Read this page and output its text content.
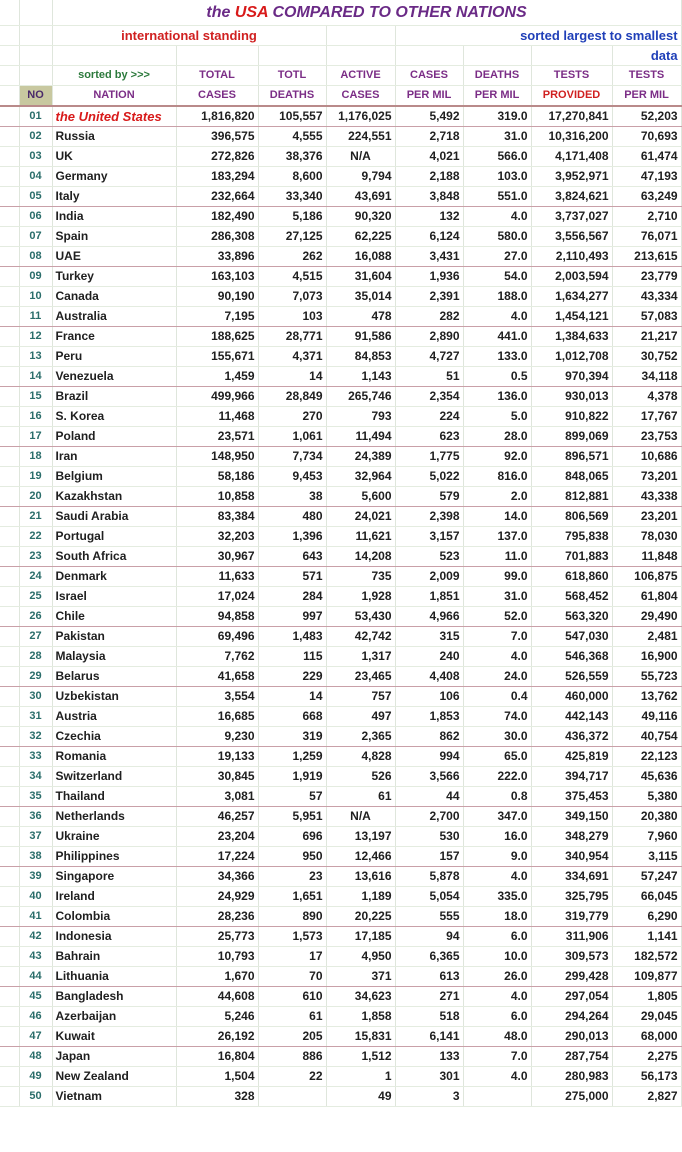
		the USA COMPARED TO OTHER NATIONS							
		international standing				sorted largest to smallest			
									data
		sorted by >>>	TOTAL	TOTL	ACTIVE	CASES	DEATHS	TESTS	TESTS
	NO	NATION	CASES	DEATHS	CASES	PER MIL	PER MIL	PROVIDED	PER MIL
	01	the United States	1,816,820	105,557	1,176,025	5,492	319.0	17,270,841	52,203
	02	Russia	396,575	4,555	224,551	2,718	31.0	10,316,200	70,693
	03	UK	272,826	38,376	N/A	4,021	566.0	4,171,408	61,474
	04	Germany	183,294	8,600	9,794	2,188	103.0	3,952,971	47,193
	05	Italy	232,664	33,340	43,691	3,848	551.0	3,824,621	63,249
	06	India	182,490	5,186	90,320	132	4.0	3,737,027	2,710
	07	Spain	286,308	27,125	62,225	6,124	580.0	3,556,567	76,071
	08	UAE	33,896	262	16,088	3,431	27.0	2,110,493	213,615
	09	Turkey	163,103	4,515	31,604	1,936	54.0	2,003,594	23,779
	10	Canada	90,190	7,073	35,014	2,391	188.0	1,634,277	43,334
	11	Australia	7,195	103	478	282	4.0	1,454,121	57,083
	12	France	188,625	28,771	91,586	2,890	441.0	1,384,633	21,217
	13	Peru	155,671	4,371	84,853	4,727	133.0	1,012,708	30,752
	14	Venezuela	1,459	14	1,143	51	0.5	970,394	34,118
	15	Brazil	499,966	28,849	265,746	2,354	136.0	930,013	4,378
	16	S. Korea	11,468	270	793	224	5.0	910,822	17,767
	17	Poland	23,571	1,061	11,494	623	28.0	899,069	23,753
	18	Iran	148,950	7,734	24,389	1,775	92.0	896,571	10,686
	19	Belgium	58,186	9,453	32,964	5,022	816.0	848,065	73,201
	20	Kazakhstan	10,858	38	5,600	579	2.0	812,881	43,338
	21	Saudi Arabia	83,384	480	24,021	2,398	14.0	806,569	23,201
	22	Portugal	32,203	1,396	11,621	3,157	137.0	795,838	78,030
	23	South Africa	30,967	643	14,208	523	11.0	701,883	11,848
	24	Denmark	11,633	571	735	2,009	99.0	618,860	106,875
	25	Israel	17,024	284	1,928	1,851	31.0	568,452	61,804
	26	Chile	94,858	997	53,430	4,966	52.0	563,320	29,490
	27	Pakistan	69,496	1,483	42,742	315	7.0	547,030	2,481
	28	Malaysia	7,762	115	1,317	240	4.0	546,368	16,900
	29	Belarus	41,658	229	23,465	4,408	24.0	526,559	55,723
	30	Uzbekistan	3,554	14	757	106	0.4	460,000	13,762
	31	Austria	16,685	668	497	1,853	74.0	442,143	49,116
	32	Czechia	9,230	319	2,365	862	30.0	436,372	40,754
	33	Romania	19,133	1,259	4,828	994	65.0	425,819	22,123
	34	Switzerland	30,845	1,919	526	3,566	222.0	394,717	45,636
	35	Thailand	3,081	57	61	44	0.8	375,453	5,380
	36	Netherlands	46,257	5,951	N/A	2,700	347.0	349,150	20,380
	37	Ukraine	23,204	696	13,197	530	16.0	348,279	7,960
	38	Philippines	17,224	950	12,466	157	9.0	340,954	3,115
	39	Singapore	34,366	23	13,616	5,878	4.0	334,691	57,247
	40	Ireland	24,929	1,651	1,189	5,054	335.0	325,795	66,045
	41	Colombia	28,236	890	20,225	555	18.0	319,779	6,290
	42	Indonesia	25,773	1,573	17,185	94	6.0	311,906	1,141
	43	Bahrain	10,793	17	4,950	6,365	10.0	309,573	182,572
	44	Lithuania	1,670	70	371	613	26.0	299,428	109,877
	45	Bangladesh	44,608	610	34,623	271	4.0	297,054	1,805
	46	Azerbaijan	5,246	61	1,858	518	6.0	294,264	29,045
	47	Kuwait	26,192	205	15,831	6,141	48.0	290,013	68,000
	48	Japan	16,804	886	1,512	133	7.0	287,754	2,275
	49	New Zealand	1,504	22	1	301	4.0	280,983	56,173
	50	Vietnam	328		49	3		275,000	2,827
